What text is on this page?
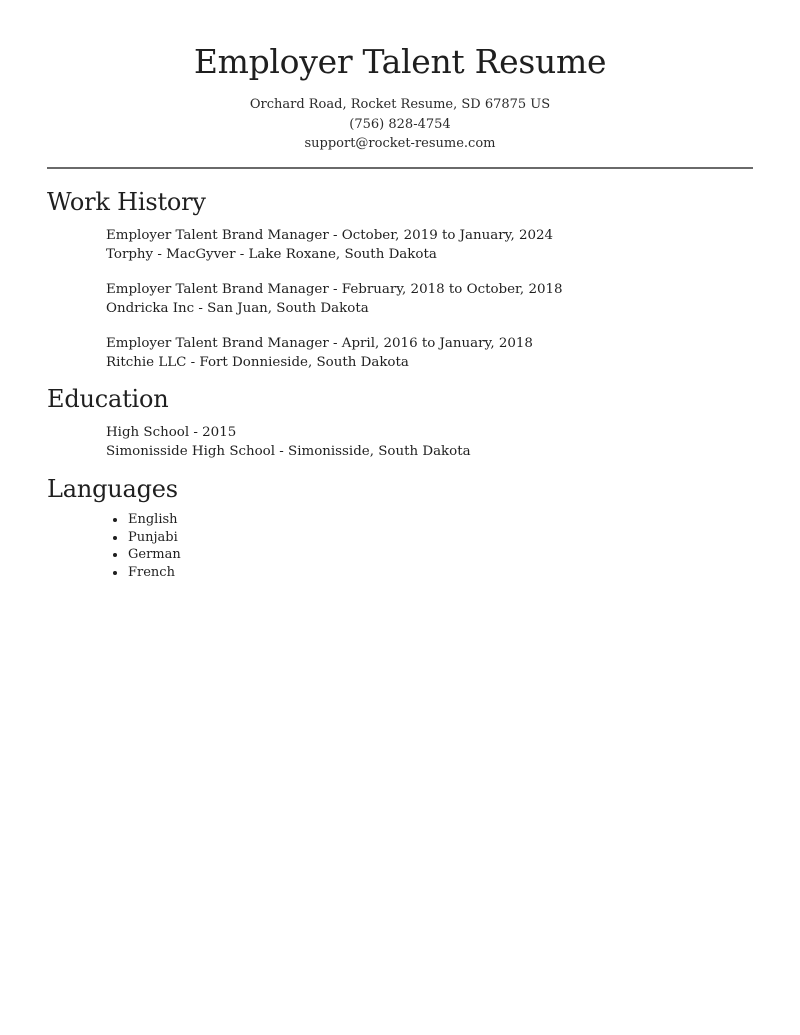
Employer Talent Resume
Orchard Road, Rocket Resume, SD 67875 US
(756) 828-4754
support@rocket-resume.com
Work History
Employer Talent Brand Manager - October, 2019 to January, 2024
Torphy - MacGyver - Lake Roxane, South Dakota
Employer Talent Brand Manager - February, 2018 to October, 2018
Ondricka Inc - San Juan, South Dakota
Employer Talent Brand Manager - April, 2016 to January, 2018
Ritchie LLC - Fort Donnieside, South Dakota
Education
High School - 2015
Simonisside High School - Simonisside, South Dakota
Languages
English
Punjabi
German
French
